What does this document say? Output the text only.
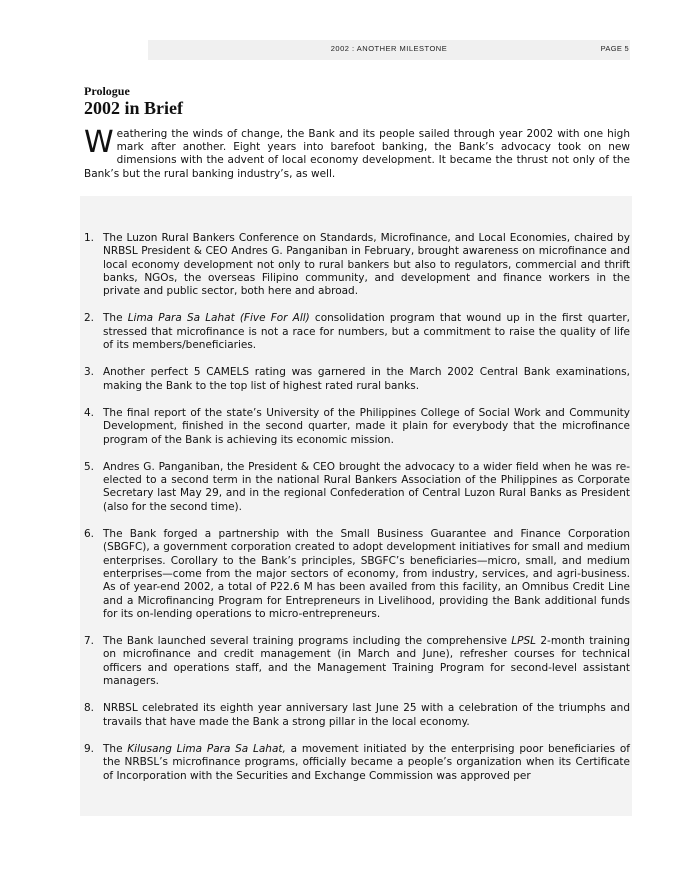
2002 : ANOTHER MILESTONE	PAGE 5
Prologue
2002 in Brief

Weathering the winds of change, the Bank and its people sailed through year 2002 with one high mark after another. Eight years into barefoot banking, the Bank’s advocacy took on new dimensions with the advent of local economy development. It became the thrust not only of the Bank’s but the rural banking industry’s, as well.

1. The Luzon Rural Bankers Conference on Standards, Microfinance, and Local Economies, chaired by NRBSL President & CEO Andres G. Panganiban in February, brought awareness on microfinance and local economy development not only to rural bankers but also to regulators, commercial and thrift banks, NGOs, the overseas Filipino community, and development and finance workers in the private and public sector, both here and abroad.
2. The Lima Para Sa Lahat (Five For All) consolidation program that wound up in the first quarter, stressed that microfinance is not a race for numbers, but a commitment to raise the quality of life of its members/beneficiaries.
3. Another perfect 5 CAMELS rating was garnered in the March 2002 Central Bank examinations, making the Bank to the top list of highest rated rural banks.
4. The final report of the state’s University of the Philippines College of Social Work and Community Development, finished in the second quarter, made it plain for everybody that the microfinance program of the Bank is achieving its economic mission.
5. Andres G. Panganiban, the President & CEO brought the advocacy to a wider field when he was re-elected to a second term in the national Rural Bankers Association of the Philippines as Corporate Secretary last May 29, and in the regional Confederation of Central Luzon Rural Banks as President (also for the second time).
6. The Bank forged a partnership with the Small Business Guarantee and Finance Corporation (SBGFC), a government corporation created to adopt development initiatives for small and medium enterprises. Corollary to the Bank’s principles, SBGFC’s beneficiaries—micro, small, and medium enterprises—come from the major sectors of economy, from industry, services, and agri-business. As of year-end 2002, a total of P22.6 M has been availed from this facility, an Omnibus Credit Line and a Microfinancing Program for Entrepreneurs in Livelihood, providing the Bank additional funds for its on-lending operations to micro-entrepreneurs.
7. The Bank launched several training programs including the comprehensive LPSL 2-month training on microfinance and credit management (in March and June), refresher courses for technical officers and operations staff, and the Management Training Program for second-level assistant managers.
8. NRBSL celebrated its eighth year anniversary last June 25 with a celebration of the triumphs and travails that have made the Bank a strong pillar in the local economy.
9. The Kilusang Lima Para Sa Lahat, a movement initiated by the enterprising poor beneficiaries of the NRBSL’s microfinance programs, officially became a people’s organization when its Certificate of Incorporation with the Securities and Exchange Commission was approved per
